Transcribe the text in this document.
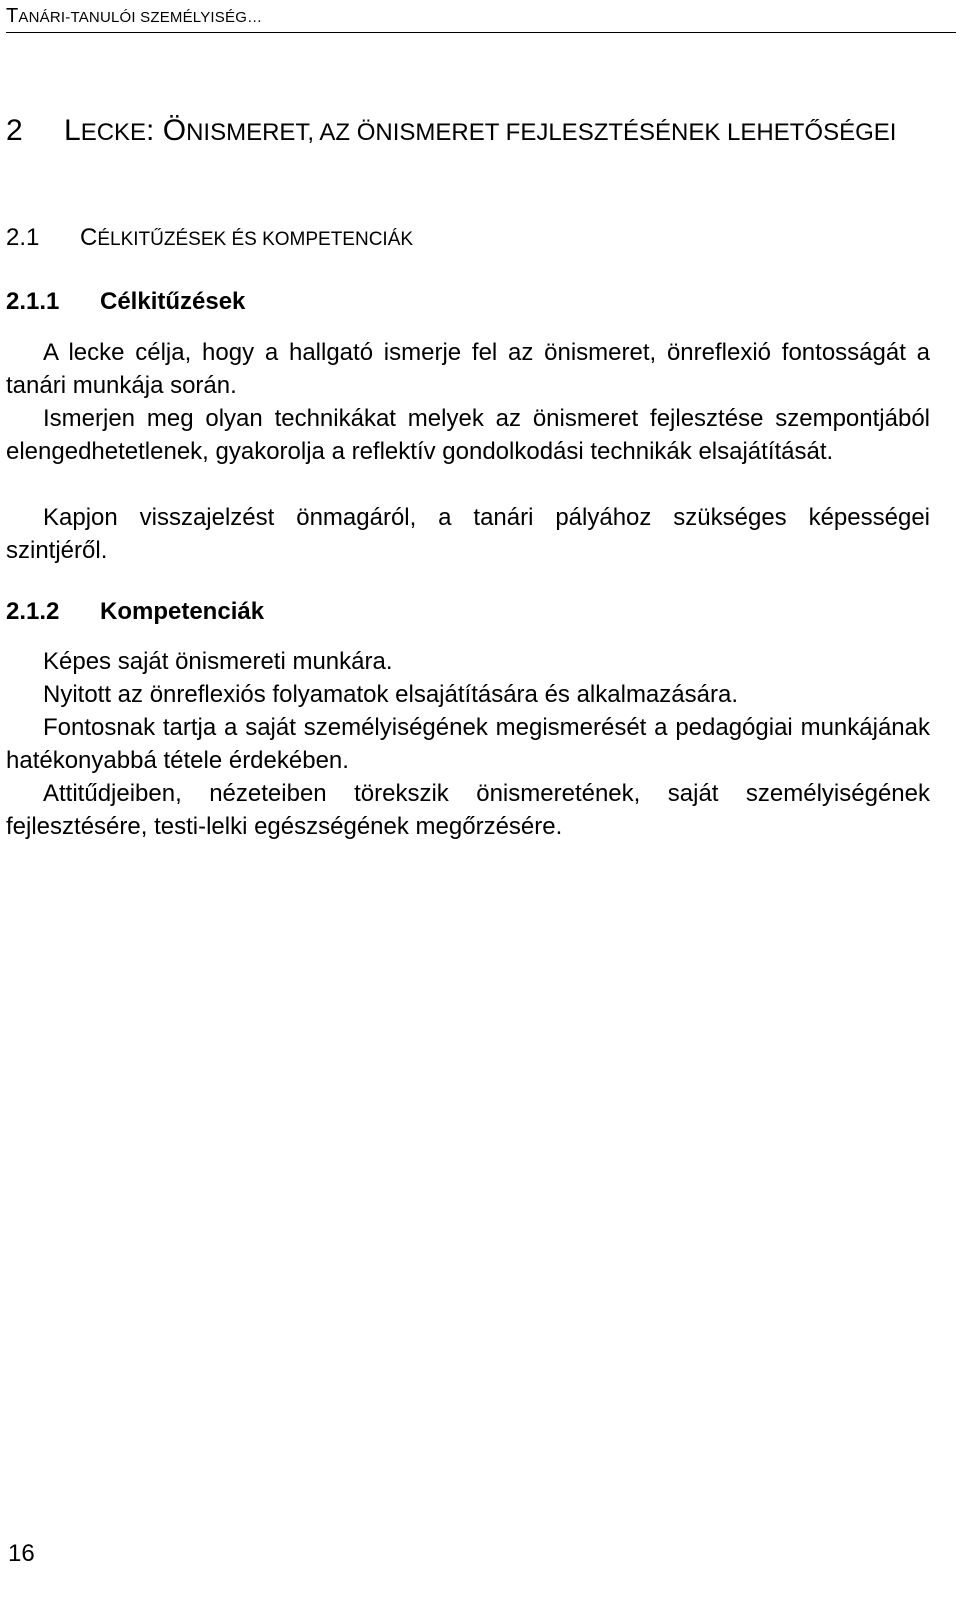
TANÁRI-TANULÓI SZEMÉLYISÉG…
2 LECKE: ÖNISMERET, AZ ÖNISMERET FEJLESZTÉSÉNEK LEHETŐSÉGEI
2.1 CÉLKITŰZÉSEK ÉS KOMPETENCIÁK
2.1.1 Célkitűzések

A lecke célja, hogy a hallgató ismerje fel az önismeret, önreflexió fontosságát a tanári munkája során.

Ismerjen meg olyan technikákat melyek az önismeret fejlesztése szempontjából elengedhetetlenek, gyakorolja a reflektív gondolkodási technikák elsajátítását.

Kapjon visszajelzést önmagáról, a tanári pályához szükséges képességei szintjéről.

2.1.2 Kompetenciák

Képes saját önismereti munkára.

Nyitott az önreflexiós folyamatok elsajátítására és alkalmazására.

Fontosnak tartja a saját személyiségének megismerését a pedagógiai munkájának hatékonyabbá tétele érdekében.

Attitűdjeiben, nézeteiben törekszik önismeretének, saját személyiségének fejlesztésére, testi-lelki egészségének megőrzésére.

16
